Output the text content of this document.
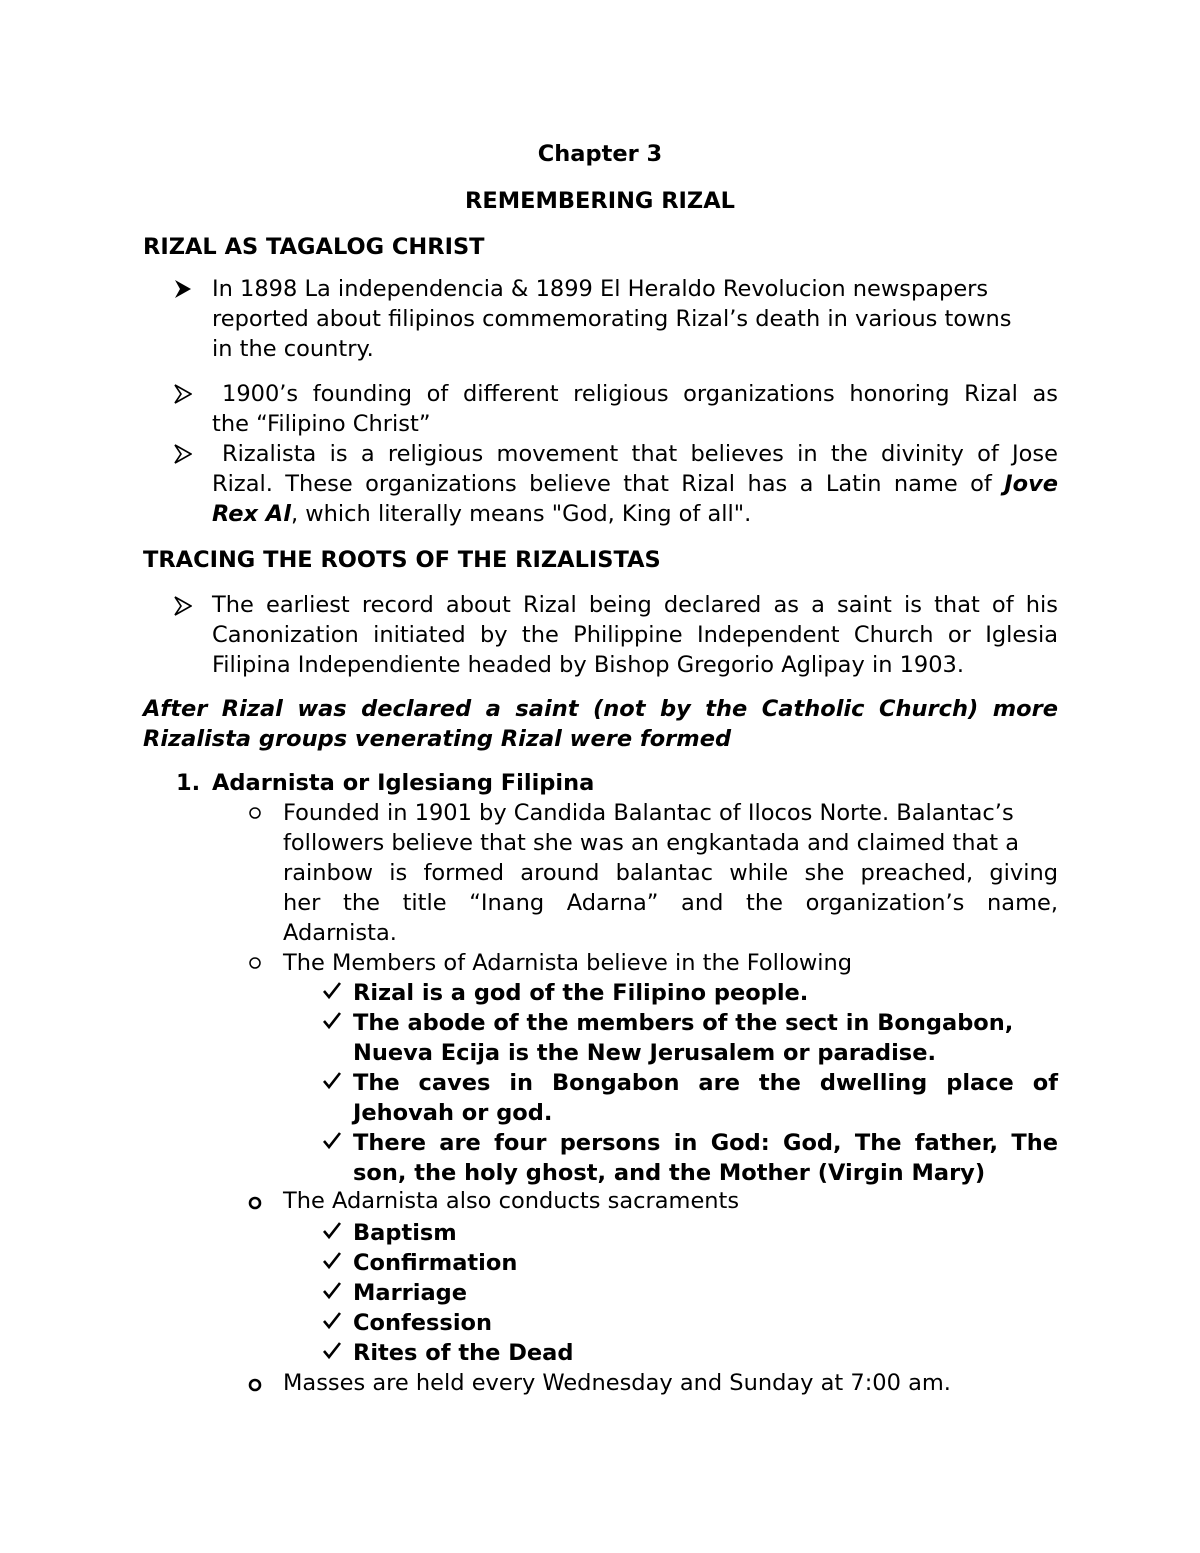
Chapter 3
REMEMBERING RIZAL
RIZAL AS TAGALOG CHRIST
In 1898 La independencia & 1899 El Heraldo Revolucion newspapers
reported about filipinos commemorating Rizal’s death in various towns
in the country.
1900’s founding of different religious organizations honoring Rizal as
the “Filipino Christ”
Rizalista is a religious movement that believes in the divinity of Jose
Rizal. These organizations believe that Rizal has a Latin name of Jove
Rex Al, which literally means "God, King of all".
TRACING THE ROOTS OF THE RIZALISTAS
The earliest record about Rizal being declared as a saint is that of his
Canonization initiated by the Philippine Independent Church or Iglesia
Filipina Independiente headed by Bishop Gregorio Aglipay in 1903.
After Rizal was declared a saint (not by the Catholic Church) more
Rizalista groups venerating Rizal were formed
1. Adarnista or Iglesiang Filipina
Founded in 1901 by Candida Balantac of Ilocos Norte. Balantac’s
followers believe that she was an engkantada and claimed that a
rainbow is formed around balantac while she preached, giving
her the title “Inang Adarna” and the organization’s name,
Adarnista.
The Members of Adarnista believe in the Following
Rizal is a god of the Filipino people.
The abode of the members of the sect in Bongabon,
Nueva Ecija is the New Jerusalem or paradise.
The caves in Bongabon are the dwelling place of
Jehovah or god.
There are four persons in God: God, The father, The
son, the holy ghost, and the Mother (Virgin Mary)
The Adarnista also conducts sacraments
Baptism
Confirmation
Marriage
Confession
Rites of the Dead
Masses are held every Wednesday and Sunday at 7:00 am.
